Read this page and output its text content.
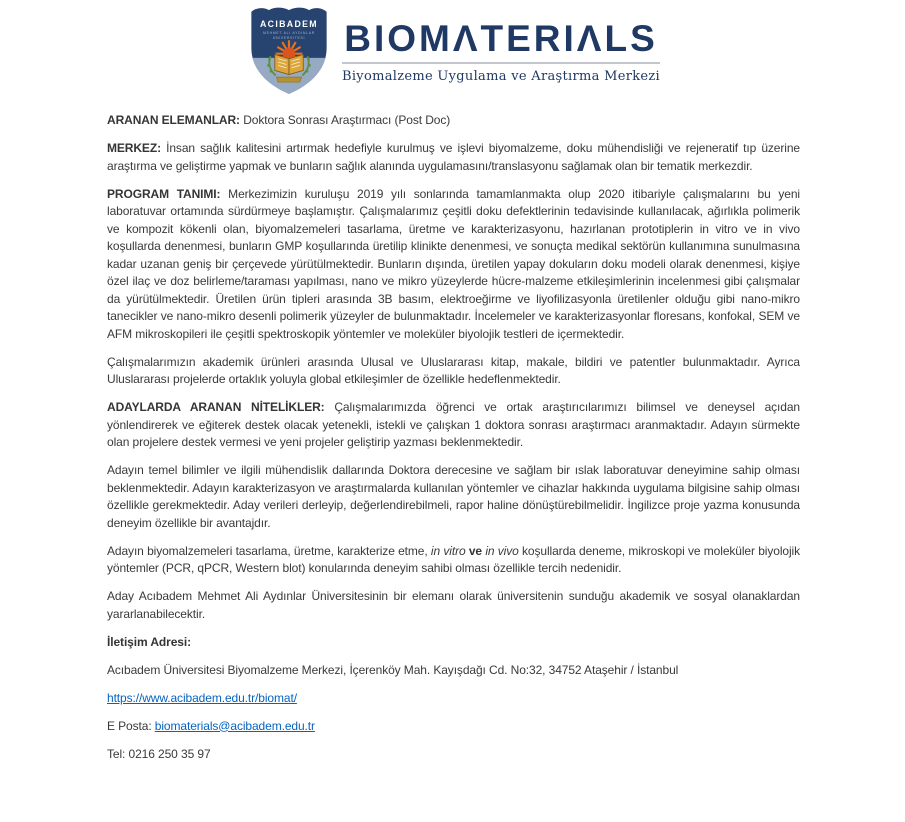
ACIBADEM
MEHMET ALİ AYDINLAR
ÜNİVERSİTESİ BIOMΛTERIΛLS
Biyomalzeme Uygulama ve Araştırma Merkezi

ARANAN ELEMANLAR: Doktora Sonrası Araştırmacı (Post Doc)

MERKEZ: İnsan sağlık kalitesini artırmak hedefiyle kurulmuş ve işlevi biyomalzeme, doku mühendisliği ve rejeneratif tıp üzerine araştırma ve geliştirme yapmak ve bunların sağlık alanında uygulamasını/translasyonu sağlamak olan bir tematik merkezdir.

PROGRAM TANIMI: Merkezimizin kuruluşu 2019 yılı sonlarında tamamlanmakta olup 2020 itibariyle çalışmalarını bu yeni laboratuvar ortamında sürdürmeye başlamıştır. Çalışmalarımız çeşitli doku defektlerinin tedavisinde kullanılacak, ağırlıkla polimerik ve kompozit kökenli olan, biyomalzemeleri tasarlama, üretme ve karakterizasyonu, hazırlanan prototiplerin in vitro ve in vivo koşullarda denenmesi, bunların GMP koşullarında üretilip klinikte denenmesi, ve sonuçta medikal sektörün kullanımına sunulmasına kadar uzanan geniş bir çerçevede yürütülmektedir. Bunların dışında, üretilen yapay dokuların doku modeli olarak denenmesi, kişiye özel ilaç ve doz belirleme/taraması yapılması, nano ve mikro yüzeylerde hücre-malzeme etkileşimlerinin incelenmesi gibi çalışmalar da yürütülmektedir. Üretilen ürün tipleri arasında 3B basım, elektroeğirme ve liyofilizasyonla üretilenler olduğu gibi nano-mikro tanecikler ve nano-mikro desenli polimerik yüzeyler de bulunmaktadır. İncelemeler ve karakterizasyonlar floresans, konfokal, SEM ve AFM mikroskopileri ile çeşitli spektroskopik yöntemler ve moleküler biyolojik testleri de içermektedir.

Çalışmalarımızın akademik ürünleri arasında Ulusal ve Uluslararası kitap, makale, bildiri ve patentler bulunmaktadır. Ayrıca Uluslararası projelerde ortaklık yoluyla global etkileşimler de özellikle hedeflenmektedir.

ADAYLARDA ARANAN NİTELİKLER: Çalışmalarımızda öğrenci ve ortak araştırıcılarımızı bilimsel ve deneysel açıdan yönlendirerek ve eğiterek destek olacak yetenekli, istekli ve çalışkan 1 doktora sonrası araştırmacı aranmaktadır. Adayın sürmekte olan projelere destek vermesi ve yeni projeler geliştirip yazması beklenmektedir.

Adayın temel bilimler ve ilgili mühendislik dallarında Doktora derecesine ve sağlam bir ıslak laboratuvar deneyimine sahip olması beklenmektedir. Adayın karakterizasyon ve araştırmalarda kullanılan yöntemler ve cihazlar hakkında uygulama bilgisine sahip olması özellikle gerekmektedir. Aday verileri derleyip, değerlendirebilmeli, rapor haline dönüştürebilmelidir. İngilizce proje yazma konusunda deneyim özellikle bir avantajdır.

Adayın biyomalzemeleri tasarlama, üretme, karakterize etme, in vitro ve in vivo koşullarda deneme, mikroskopi ve moleküler biyolojik yöntemler (PCR, qPCR, Western blot) konularında deneyim sahibi olması özellikle tercih nedenidir.

Aday Acıbadem Mehmet Ali Aydınlar Üniversitesinin bir elemanı olarak üniversitenin sunduğu akademik ve sosyal olanaklardan yararlanabilecektir.

İletişim Adresi:

Acıbadem Üniversitesi Biyomalzeme Merkezi, İçerenköy Mah. Kayışdağı Cd. No:32, 34752 Ataşehir / İstanbul

https://www.acibadem.edu.tr/biomat/

E Posta: biomaterials@acibadem.edu.tr

Tel: 0216 250 35 97
